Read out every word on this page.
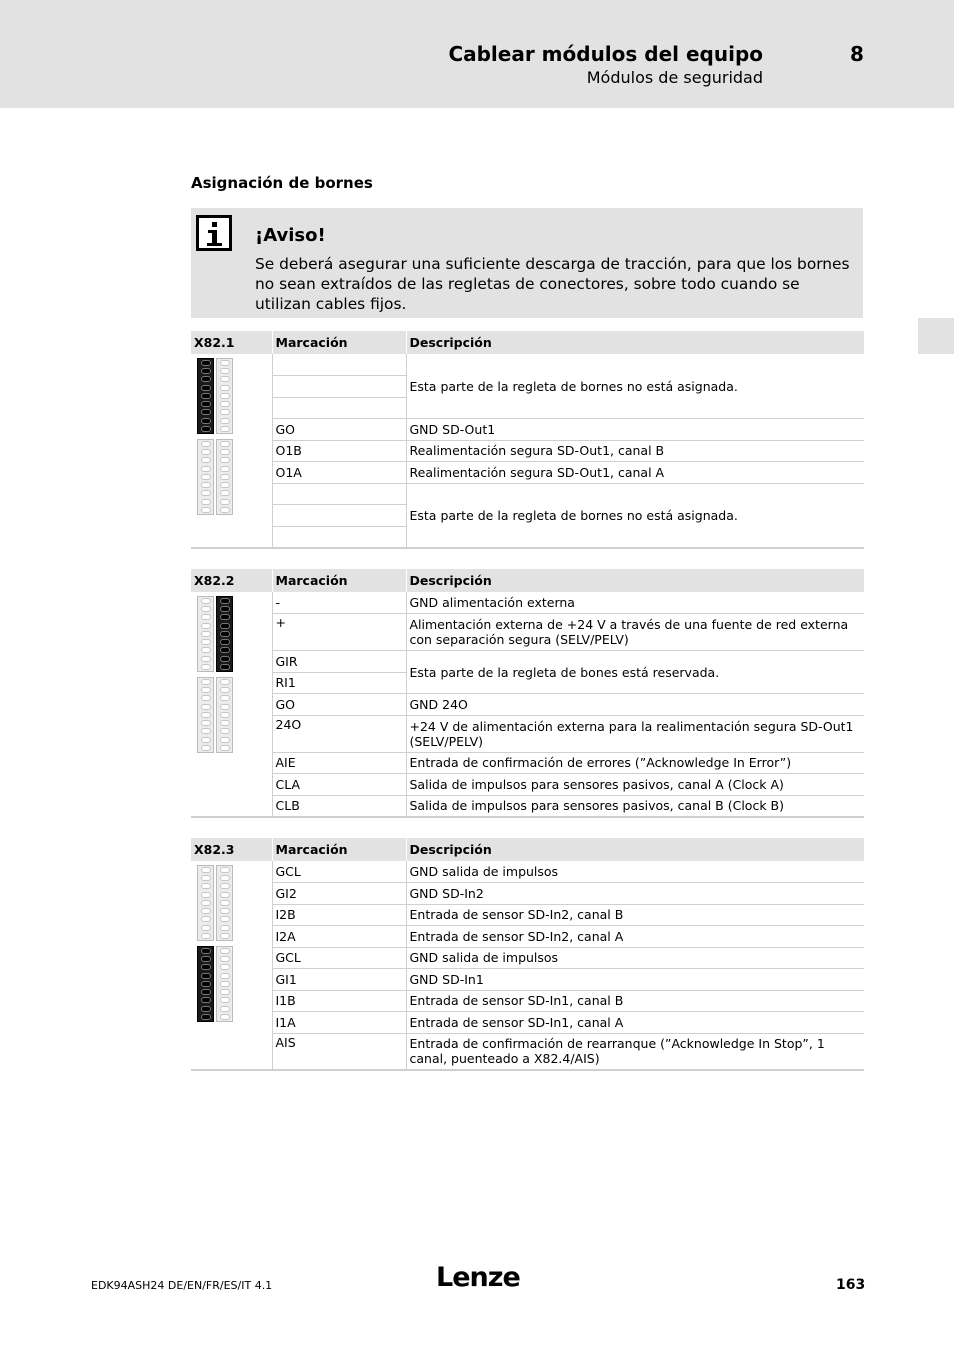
Cablear módulos del equipo	8
Módulos de seguridad
Asignación de bornes
¡Aviso!
Se deberá asegurar una suficiente descarga de tracción, para que los bornes no sean extraídos de las regletas de conectores, sobre todo cuando se utilizan cables fijos.
X82.1	Marcación	Descripción

		Esta parte de la regleta de bornes no está asignada.

	GO	GND SD-Out1
	O1B	Realimentación segura SD-Out1, canal B
	O1A	Realimentación segura SD-Out1, canal A
		Esta parte de la regleta de bornes no está asignada.

X82.2	Marcación	Descripción

	-	GND alimentación externa
	+	Alimentación externa de +24 V a través de una fuente de red externa con separación segura (SELV/PELV)
	GIR	Esta parte de la regleta de bones está reservada.
	RI1	
	GO	GND 24O
	24O	+24 V de alimentación externa para la realimentación segura SD-Out1 (SELV/PELV)
	AIE	Entrada de confirmación de errores (”Acknowledge In Error”)
	CLA	Salida de impulsos para sensores pasivos, canal A (Clock A)
	CLB	Salida de impulsos para sensores pasivos, canal B (Clock B)
X82.3	Marcación	Descripción

	GCL	GND salida de impulsos
	GI2	GND SD-In2
	I2B	Entrada de sensor SD-In2, canal B
	I2A	Entrada de sensor SD-In2, canal A
	GCL	GND salida de impulsos
	GI1	GND SD-In1
	I1B	Entrada de sensor SD-In1, canal B
	I1A	Entrada de sensor SD-In1, canal A
	AIS	Entrada de confirmación de rearranque (”Acknowledge In Stop”, 1 canal, puenteado a X82.4/AIS)
EDK94ASH24 DE/EN/FR/ES/IT 4.1	Lenze	163
